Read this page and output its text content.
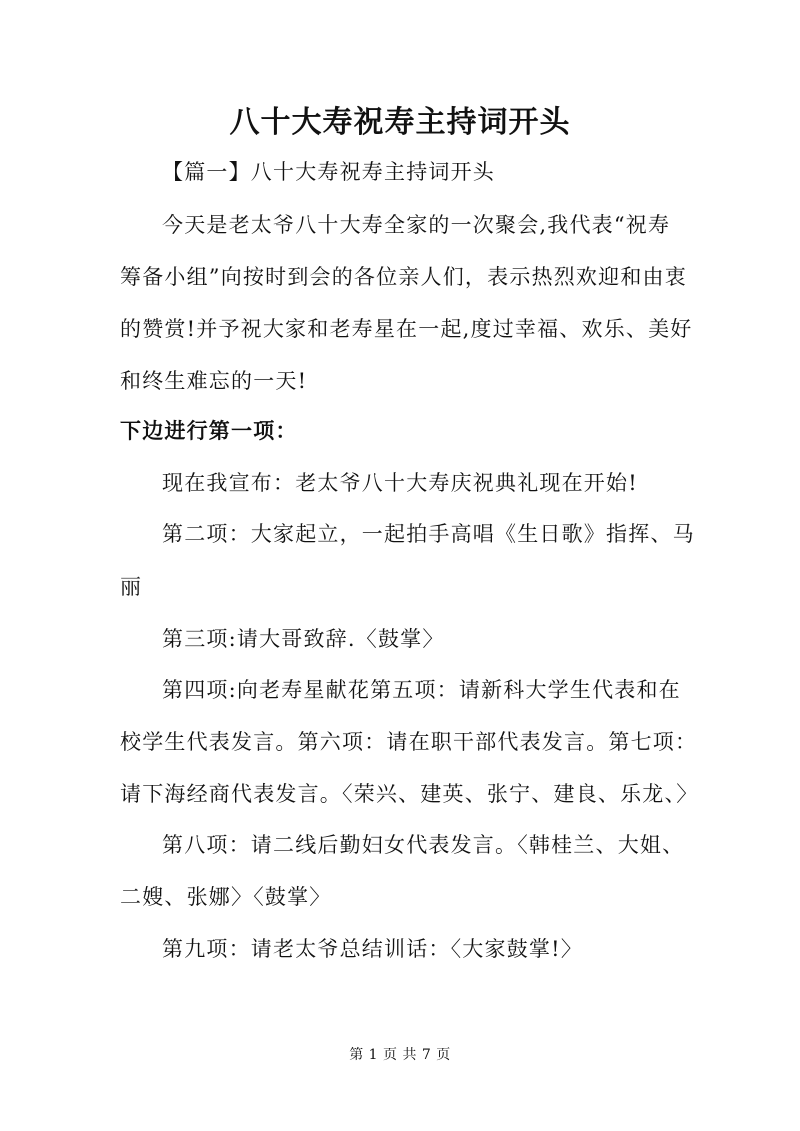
八十大寿祝寿主持词开头
【篇一】八十大寿祝寿主持词开头
今天是老太爷八十大寿全家的一次聚会,我代表“祝寿
筹备小组”向按时到会的各位亲人们，表示热烈欢迎和由衷
的赞赏!并予祝大家和老寿星在一起,度过幸福、欢乐、美好
和终生难忘的一天!
下边进行第一项：
现在我宣布：老太爷八十大寿庆祝典礼现在开始!
第二项：大家起立，一起拍手高唱《生日歌》指挥、马
丽
第三项:请大哥致辞.〈鼓掌〉
第四项:向老寿星献花第五项：请新科大学生代表和在
校学生代表发言。第六项：请在职干部代表发言。第七项：
请下海经商代表发言。〈荣兴、建英、张宁、建良、乐龙、〉
第八项：请二线后勤妇女代表发言。〈韩桂兰、大姐、
二嫂、张娜〉〈鼓掌〉
第九项：请老太爷总结训话：〈大家鼓掌!〉
第 1 页 共 7 页
